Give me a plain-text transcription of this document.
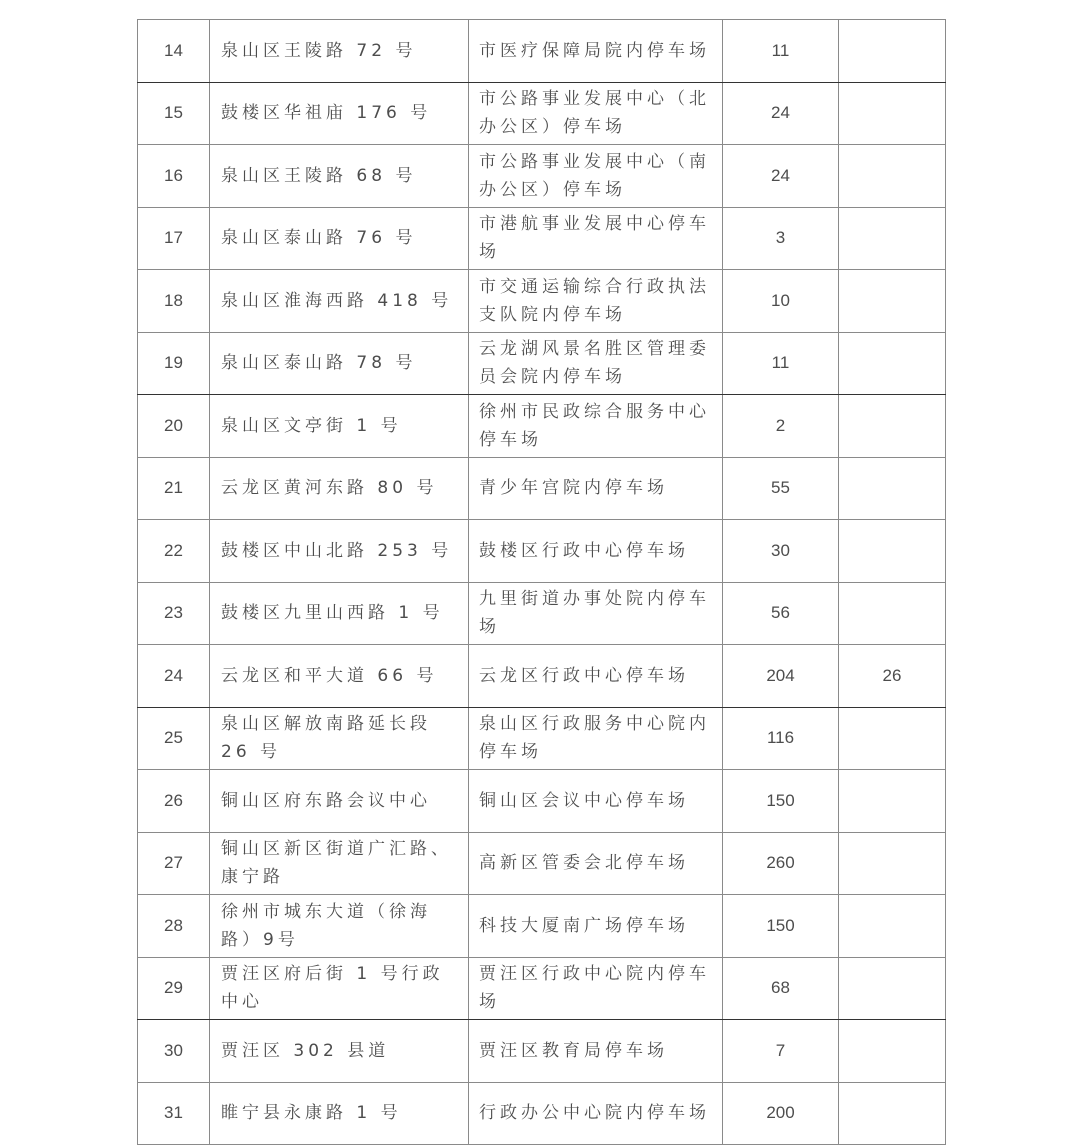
14	泉山区王陵路 72 号	市医疗保障局院内停车场	11	
15	鼓楼区华祖庙 176 号	市公路事业发展中心（北办公区）停车场	24	
16	泉山区王陵路 68 号	市公路事业发展中心（南办公区）停车场	24	
17	泉山区泰山路 76 号	市港航事业发展中心停车场	3	
18	泉山区淮海西路 418 号	市交通运输综合行政执法支队院内停车场	10	
19	泉山区泰山路 78 号	云龙湖风景名胜区管理委员会院内停车场	11	
20	泉山区文亭街 1 号	徐州市民政综合服务中心停车场	2	
21	云龙区黄河东路 80 号	青少年宫院内停车场	55	
22	鼓楼区中山北路 253 号	鼓楼区行政中心停车场	30	
23	鼓楼区九里山西路 1 号	九里街道办事处院内停车场	56	
24	云龙区和平大道 66 号	云龙区行政中心停车场	204	26
25	泉山区解放南路延长段 26 号	泉山区行政服务中心院内停车场	116	
26	铜山区府东路会议中心	铜山区会议中心停车场	150	
27	铜山区新区街道广汇路、康宁路	高新区管委会北停车场	260	
28	徐州市城东大道（徐海路）9号	科技大厦南广场停车场	150	
29	贾汪区府后街 1 号行政中心	贾汪区行政中心院内停车场	68	
30	贾汪区 302 县道	贾汪区教育局停车场	7	
31	睢宁县永康路 1 号	行政办公中心院内停车场	200	
